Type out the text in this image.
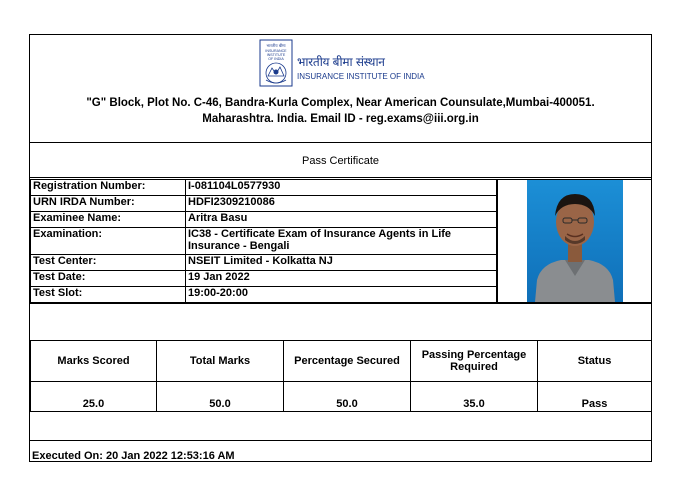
भारतीय बीमा
INSURANCE
INSTITUTE
OF INDIA भारतीय बीमा संस्थान
INSURANCE INSTITUTE OF INDIA
"G" Block, Plot No. C-46, Bandra-Kurla Complex, Near American Counsulate,Mumbai-400051.
Maharashtra. India. Email ID - reg.exams@iii.org.in
Pass Certificate
Registration Number:	I-081104L0577930
URN IRDA Number:	HDFI2309210086
Examinee Name:	Aritra Basu
Examination:	IC38 - Certificate Exam of Insurance Agents in Life Insurance - Bengali
Test Center:	NSEIT Limited - Kolkatta NJ
Test Date:	19 Jan 2022
Test Slot:	19:00-20:00
Marks Scored	Total Marks	Percentage Secured	Passing Percentage Required	Status
25.0	50.0	50.0	35.0	Pass
Executed On: 20 Jan 2022 12:53:16 AM
